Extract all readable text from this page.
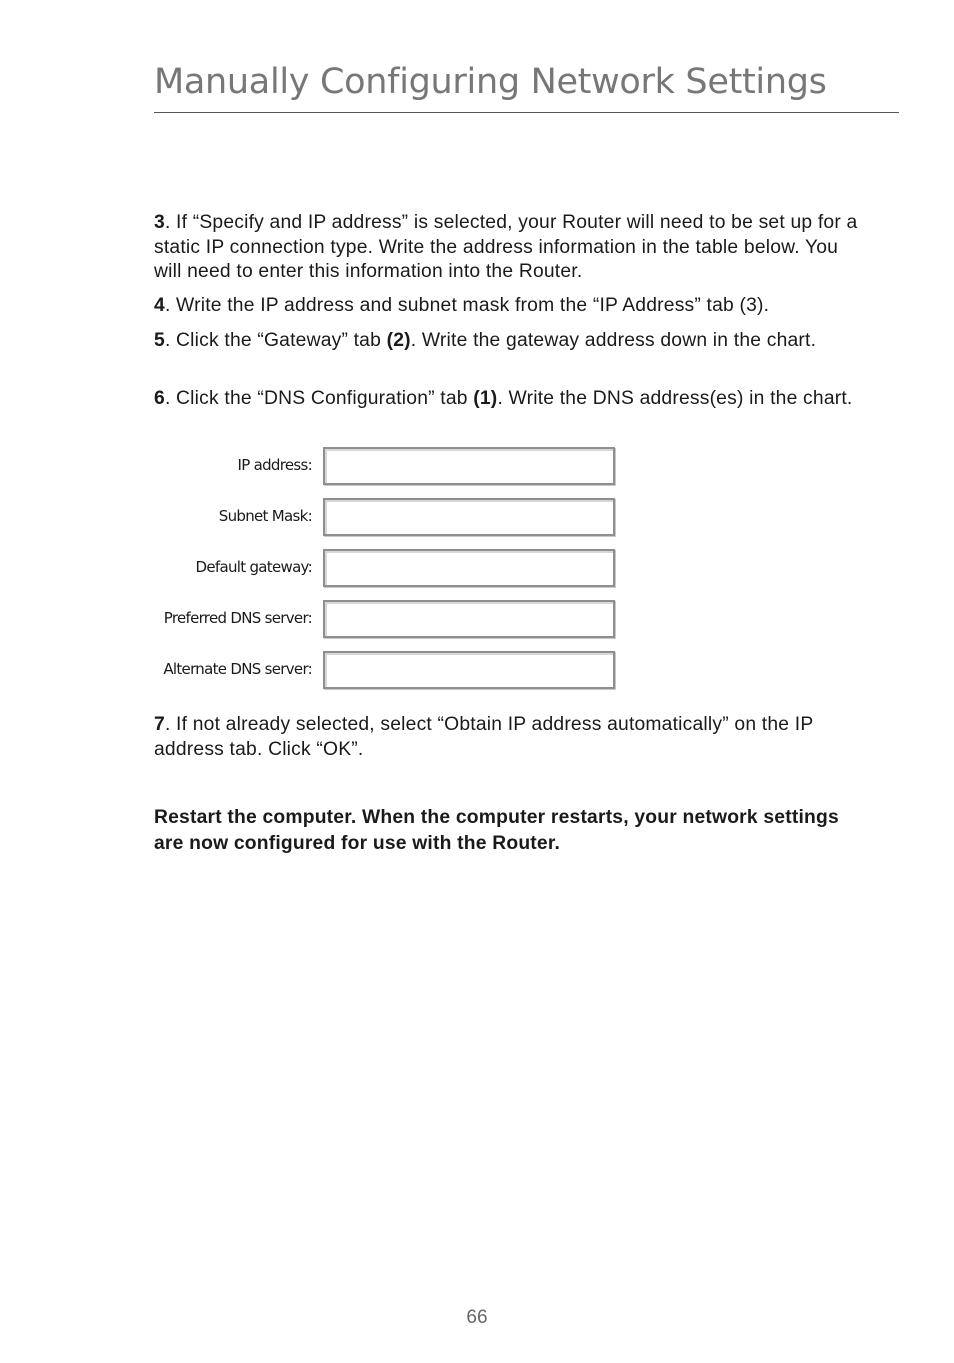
Manually Configuring Network Settings

3. If “Specify and IP address” is selected, your Router will need to be set up for a static IP connection type. Write the address information in the table below. You will need to enter this information into the Router.

4. Write the IP address and subnet mask from the “IP Address” tab (3).

5. Click the “Gateway” tab (2). Write the gateway address down in the chart.

6. Click the “DNS Configuration” tab (1). Write the DNS address(es) in the chart.

IP address:
Subnet Mask:
Default gateway:
Preferred DNS server:
Alternate DNS server:

7. If not already selected, select “Obtain IP address automatically” on the IP address tab. Click “OK”.

Restart the computer. When the computer restarts, your network settings are now configured for use with the Router.

66
